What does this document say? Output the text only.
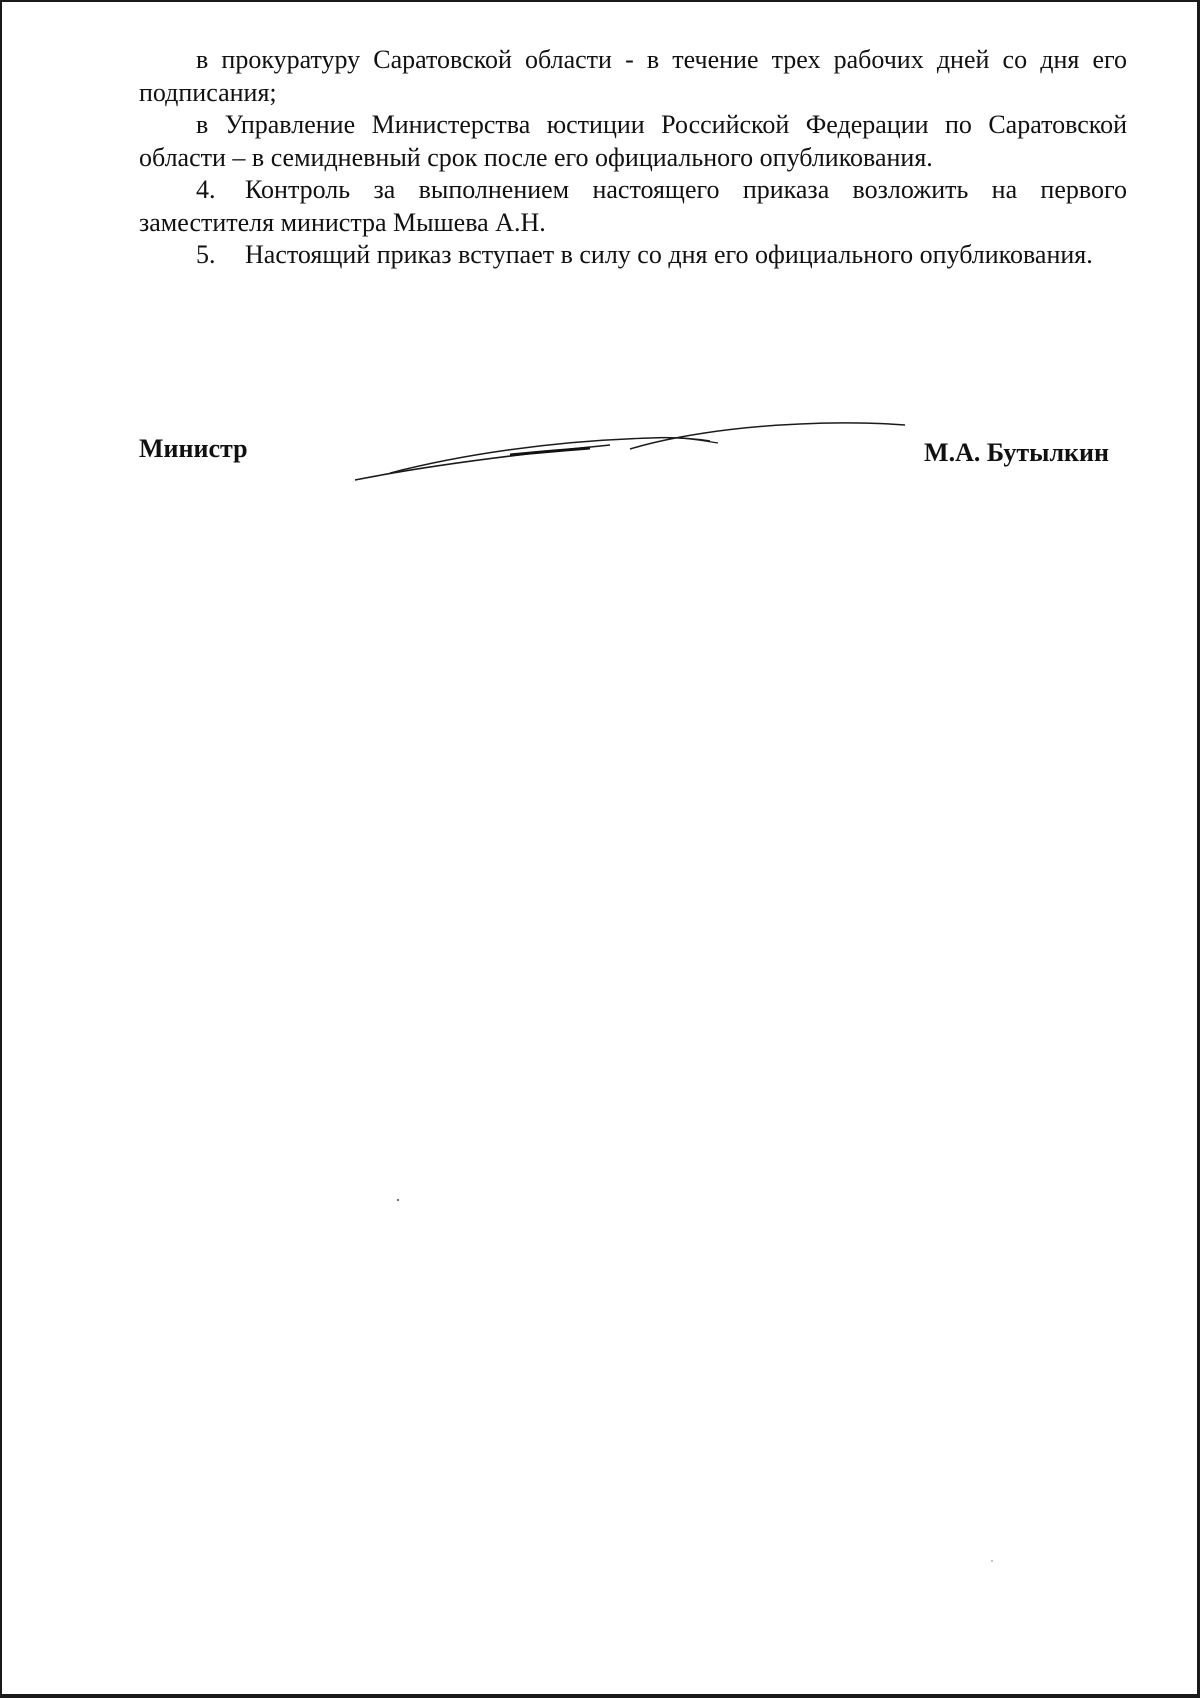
в прокуратуру Саратовской области - в течение трех рабочих дней со дня его подписания;

в Управление Министерства юстиции Российской Федерации по Саратовской области – в семидневный срок после его официального опубликования.

4. Контроль за выполнением настоящего приказа возложить на первого заместителя министра Мышева А.Н.

5. Настоящий приказ вступает в силу со дня его официального опубликования.

Министр	М.А. Бутылкин
